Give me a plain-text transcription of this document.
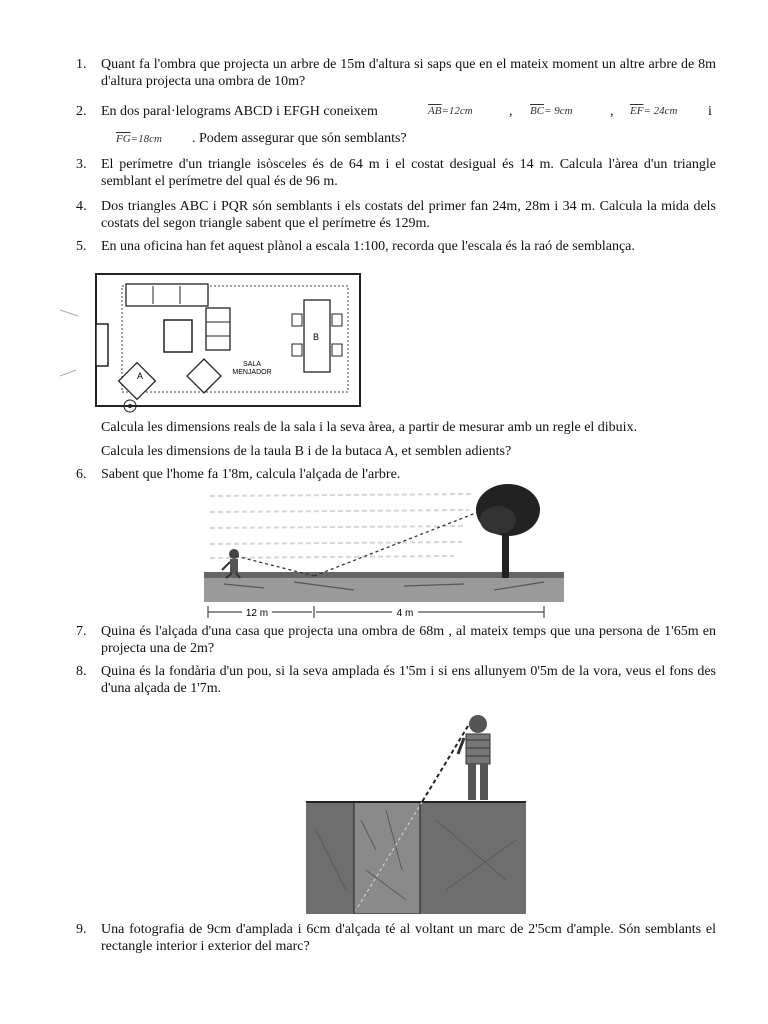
1. Quant fa l'ombra que projecta un arbre de 15m d'altura si saps que en el mateix moment un altre arbre de 8m d'altura projecta una ombra de 10m?
2. En dos paral·lelograms ABCD i EFGH coneixem	$\overline{AB}=12cm$	, $\overline{BC}= 9cm$	, $\overline{EF}= 24cm$ i
$\overline{FG}=18cm$ . Podem assegurar que són semblants?
3. El perímetre d'un triangle isòsceles és de 64 m i el costat desigual és 14 m. Calcula l'àrea d'un triangle semblant el perímetre del qual és de 96 m.
4. Dos triangles ABC i PQR són semblants i els costats del primer fan 24m, 28m i 34 m. Calcula la mida dels costats del segon triangle sabent que el perímetre és 129m.
5. En una oficina han fet aquest plànol a escala 1:100, recorda que l'escala és la raó de semblança.
A
B
SALA
MENJADOR
Calcula les dimensions reals de la sala i la seva àrea, a partir de mesurar amb un regle el dibuix.
Calcula les dimensions de la taula B i de la butaca A, et semblen adients?
6. Sabent que l'home fa 1'8m, calcula l'alçada de l'arbre.
12 m	4 m
7. Quina és l'alçada d'una casa que projecta una ombra de 68m , al mateix temps que una persona de 1'65m en projecta una de 2m?
8. Quina és la fondària d'un pou, si la seva amplada és 1'5m i si ens allunyem 0'5m de la vora, veus el fons des d'una alçada de 1'7m.
9. Una fotografia de 9cm d'amplada i 6cm d'alçada té al voltant un marc de 2'5cm d'ample. Són semblants el rectangle interior i exterior del marc?
